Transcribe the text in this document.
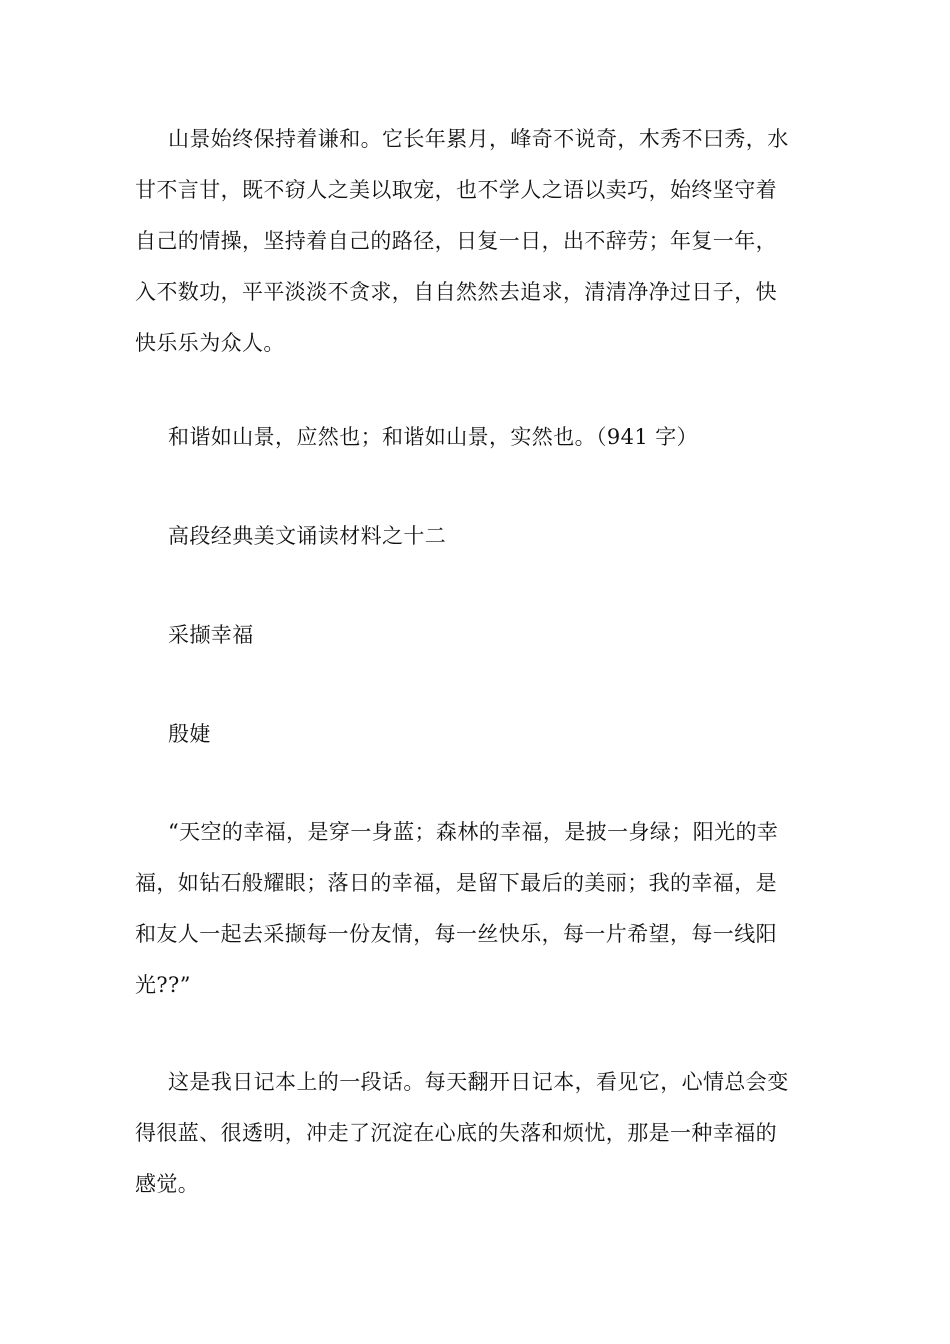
山景始终保持着谦和。它长年累月，峰奇不说奇，木秀不曰秀，水
甘不言甘，既不窃人之美以取宠，也不学人之语以卖巧，始终坚守着
自己的情操，坚持着自己的路径，日复一日，出不辞劳；年复一年，
入不数功，平平淡淡不贪求，自自然然去追求，清清净净过日子，快
快乐乐为众人。

和谐如山景，应然也；和谐如山景，实然也。（941 字）

高段经典美文诵读材料之十二

采撷幸福

殷婕

“天空的幸福，是穿一身蓝；森林的幸福，是披一身绿；阳光的幸
福，如钻石般耀眼；落日的幸福，是留下最后的美丽；我的幸福，是
和友人一起去采撷每一份友情，每一丝快乐，每一片希望，每一线阳
光??”
这是我日记本上的一段话。每天翻开日记本，看见它，心情总会变
得很蓝、很透明，冲走了沉淀在心底的失落和烦忧，那是一种幸福的
感觉。
